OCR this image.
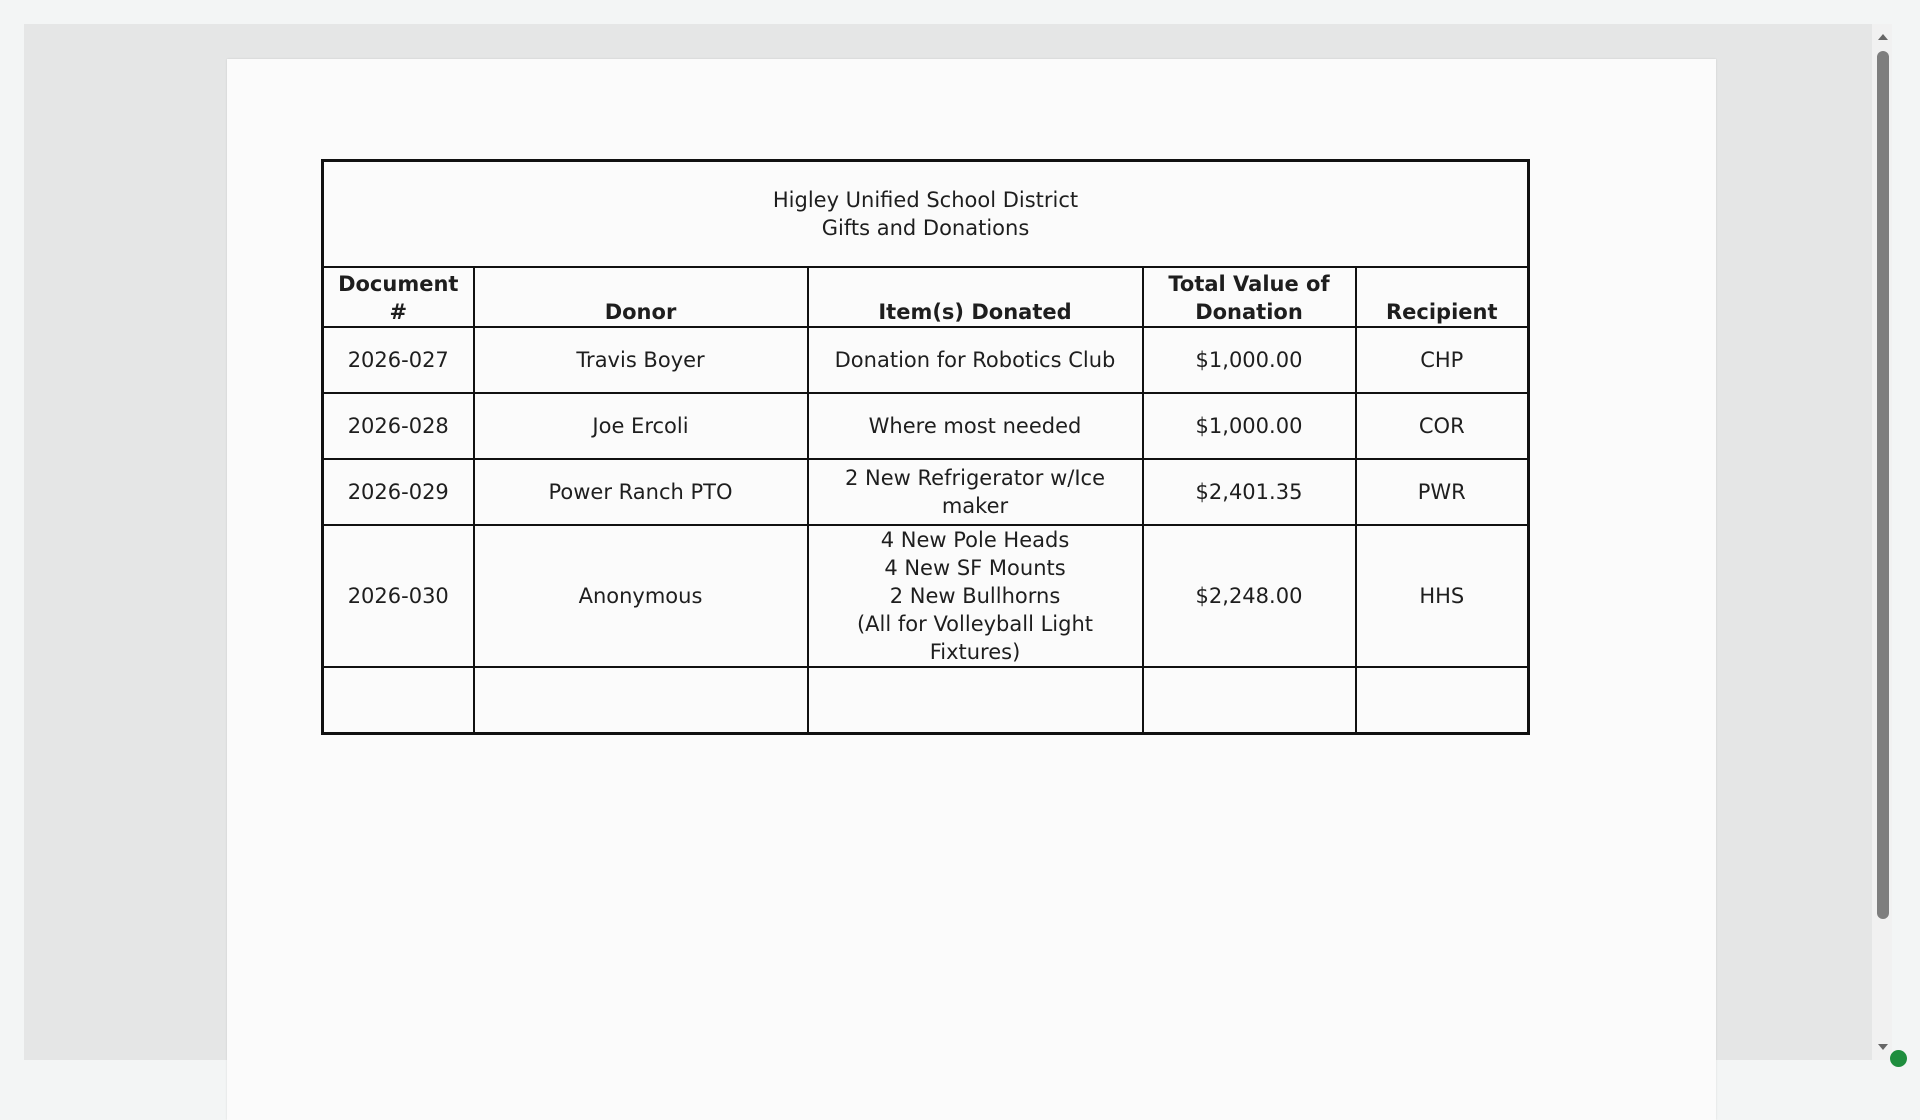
Higley Unified School District
Gifts and Donations				

Document #	Donor	Item(s) Donated	Total Value of Donation	Recipient
2026-027	Travis Boyer	Donation for Robotics Club	$1,000.00	CHP
2026-028	Joe Ercoli	Where most needed	$1,000.00	COR
2026-029	Power Ranch PTO	2 New Refrigerator w/Ice maker	$2,401.35	PWR
2026-030	Anonymous	4 New Pole Heads
4 New SF Mounts
2 New Bullhorns
(All for Volleyball Light Fixtures)	$2,248.00	HHS
